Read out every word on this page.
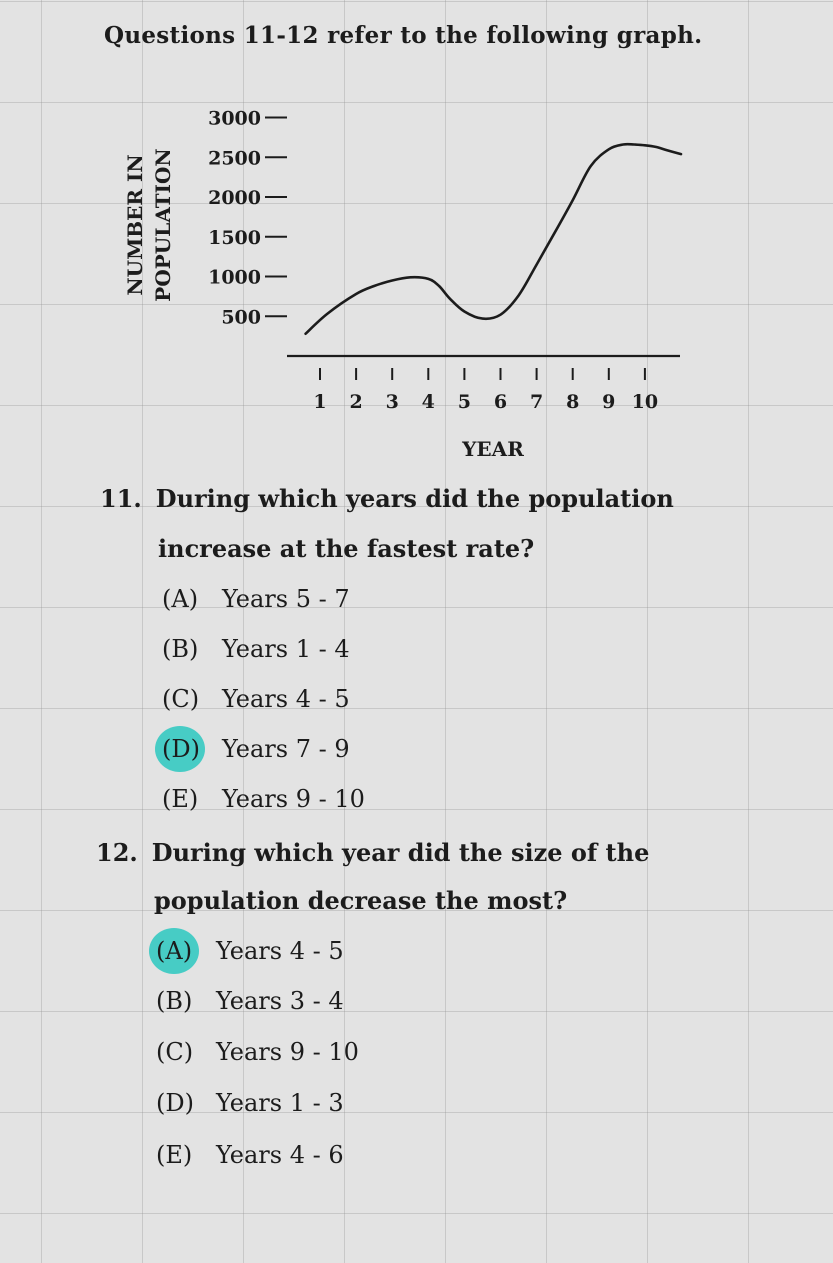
Questions 11-12 refer to the following graph.
NUMBER IN POPULATION
YEAR
1 2 3 4 5 6 7 8 9 10
500
1000
1500
2000
2500
3000
11. During which years did the population
increase at the fastest rate?
(A) Years 5 - 7
(B) Years 1 - 4
(C) Years 4 - 5
(D) Years 7 - 9
(E) Years 9 - 10
12. During which year did the size of the
population decrease the most?
(A) Years 4 - 5
(B) Years 3 - 4
(C) Years 9 - 10
(D) Years 1 - 3
(E) Years 4 - 6
